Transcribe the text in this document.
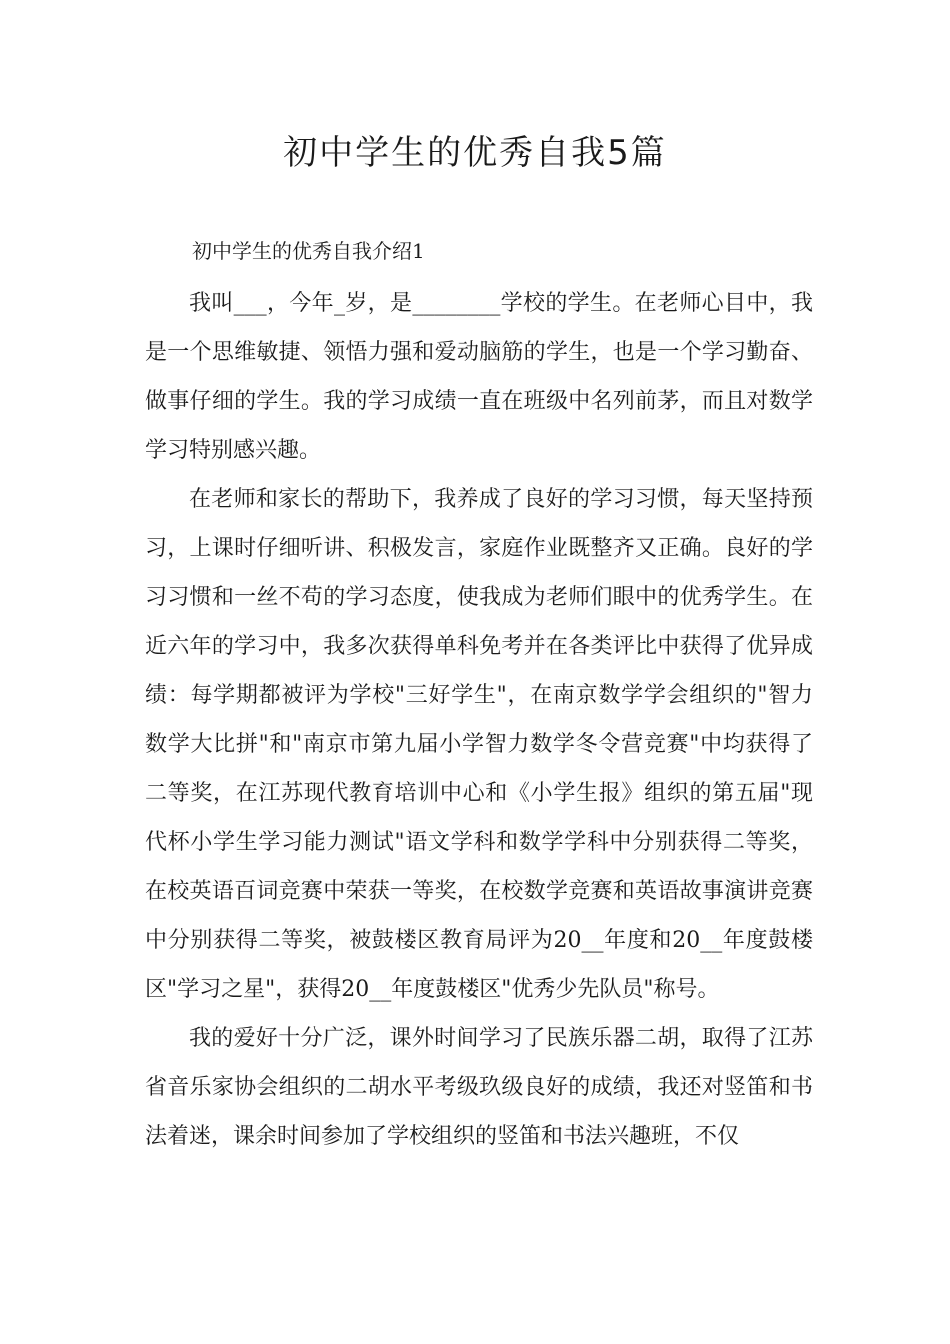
初中学生的优秀自我5篇
初中学生的优秀自我介绍1

我叫___，今年_岁，是________学校的学生。在老师心目中，我是一个思维敏捷、领悟力强和爱动脑筋的学生，也是一个学习勤奋、做事仔细的学生。我的学习成绩一直在班级中名列前茅，而且对数学学习特别感兴趣。

在老师和家长的帮助下，我养成了良好的学习习惯，每天坚持预习，上课时仔细听讲、积极发言，家庭作业既整齐又正确。良好的学习习惯和一丝不苟的学习态度，使我成为老师们眼中的优秀学生。在近六年的学习中，我多次获得单科免考并在各类评比中获得了优异成绩：每学期都被评为学校"三好学生"，在南京数学学会组织的"智力数学大比拼"和"南京市第九届小学智力数学冬令营竞赛"中均获得了二等奖，在江苏现代教育培训中心和《小学生报》组织的第五届"现代杯小学生学习能力测试"语文学科和数学学科中分别获得二等奖，在校英语百词竞赛中荣获一等奖，在校数学竞赛和英语故事演讲竞赛中分别获得二等奖，被鼓楼区教育局评为20__年度和20__年度鼓楼区"学习之星"，获得20__年度鼓楼区"优秀少先队员"称号。

我的爱好十分广泛，课外时间学习了民族乐器二胡，取得了江苏省音乐家协会组织的二胡水平考级玖级良好的成绩，我还对竖笛和书法着迷，课余时间参加了学校组织的竖笛和书法兴趣班，不仅
